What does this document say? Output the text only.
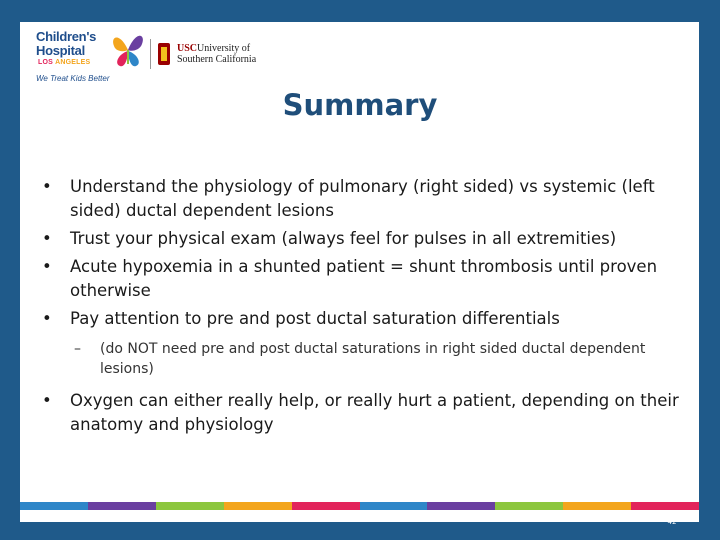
Children's
Hospital
LOS ANGELES
We Treat Kids Better
USCUniversity of
Southern California
Summary
• Understand the physiology of pulmonary (right sided) vs systemic (left sided) ductal dependent lesions
• Trust your physical exam (always feel for pulses in all extremities)
• Acute hypoxemia in a shunted patient = shunt thrombosis until proven otherwise
• Pay attention to pre and post ductal saturation differentials
– (do NOT need pre and post ductal saturations in right sided ductal dependent lesions)
• Oxygen can either really help, or really hurt a patient, depending on their anatomy and physiology
42
